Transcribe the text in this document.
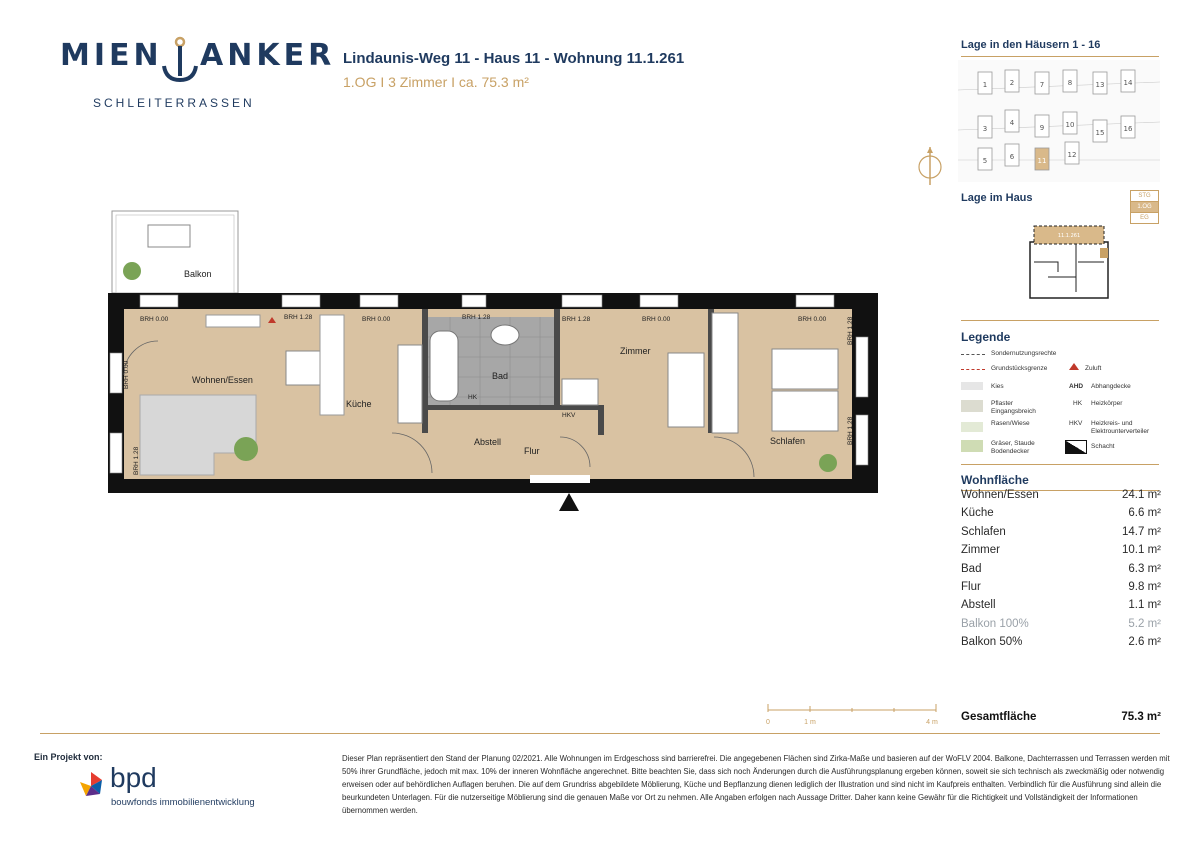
MIEN ANKER
SCHLEITERRASSEN
Lindaunis-Weg 11 - Haus 11 - Wohnung 11.1.261
1.OG I 3 Zimmer I ca. 75.3 m²
Lage in den Häusern 1 - 16
1	2	7	8	13	14
3
4
5	6
9
11
10
12
15	16
Lage im Haus	STG
1.OG
EG
11.1.261
Balkon
Wohnen/Essen
Küche
Bad
Zimmer
Schlafen
Abstell
Flur
BRH 0.00	BRH 1.28	BRH 0.00	BRH 1.28	BRH 1.28	BRH 0.00	BRH 0.00
BRH 0.00
BRH 1.28
BRH 1.28
BRH 1.28
HK
HKV
Legende
Sondernutzungsrechte
Grundstücksgrenze	Zuluft
Kies	AHD Abhangdecke
Pflaster Eingangsbreich
HK Heizkörper
Rasen/Wiese	HKV Heizkreis- und Elektrounterverteiler
Gräser, Staude Bodendecker
Schacht
Wohnfläche
Wohnen/Essen	24.1 m²
Küche	6.6 m²
Schlafen	14.7 m²
Zimmer	10.1 m²
Bad	6.3 m²
Flur	9.8 m²
Abstell	1.1 m²
Balkon 100%	5.2 m²
Balkon 50%	2.6 m²
Gesamtfläche	75.3 m²
0	1 m	4 m
Ein Projekt von:
bpd
bouwfonds immobilienentwicklung
Dieser Plan repräsentiert den Stand der Planung 02/2021. Alle Wohnungen im Erdgeschoss sind barrierefrei. Die angegebenen Flächen sind Zirka-Maße und basieren auf der WoFLV 2004. Balkone, Dachterrassen und Terrassen werden mit 50% ihrer Grundfläche, jedoch mit max. 10% der inneren Wohnfläche angerechnet. Bitte beachten Sie, dass sich noch Änderungen durch die Ausführungsplanung ergeben können, soweit sie sich technisch als zweckmäßig oder notwendig erweisen oder auf behördlichen Auflagen beruhen. Die auf dem Grundriss abgebildete Möblierung, Küche und Bepflanzung dienen lediglich der Illustration und sind nicht im Kaufpreis enthalten. Verbindlich für die Ausführung sind allein die beurkundeten Unterlagen. Für die nutzerseitige Möblierung sind die genauen Maße vor Ort zu nehmen. Alle Angaben erfolgen nach Aussage Dritter. Daher kann keine Gewähr für die Richtigkeit und Vollständigkeit der Informationen übernommen werden.
